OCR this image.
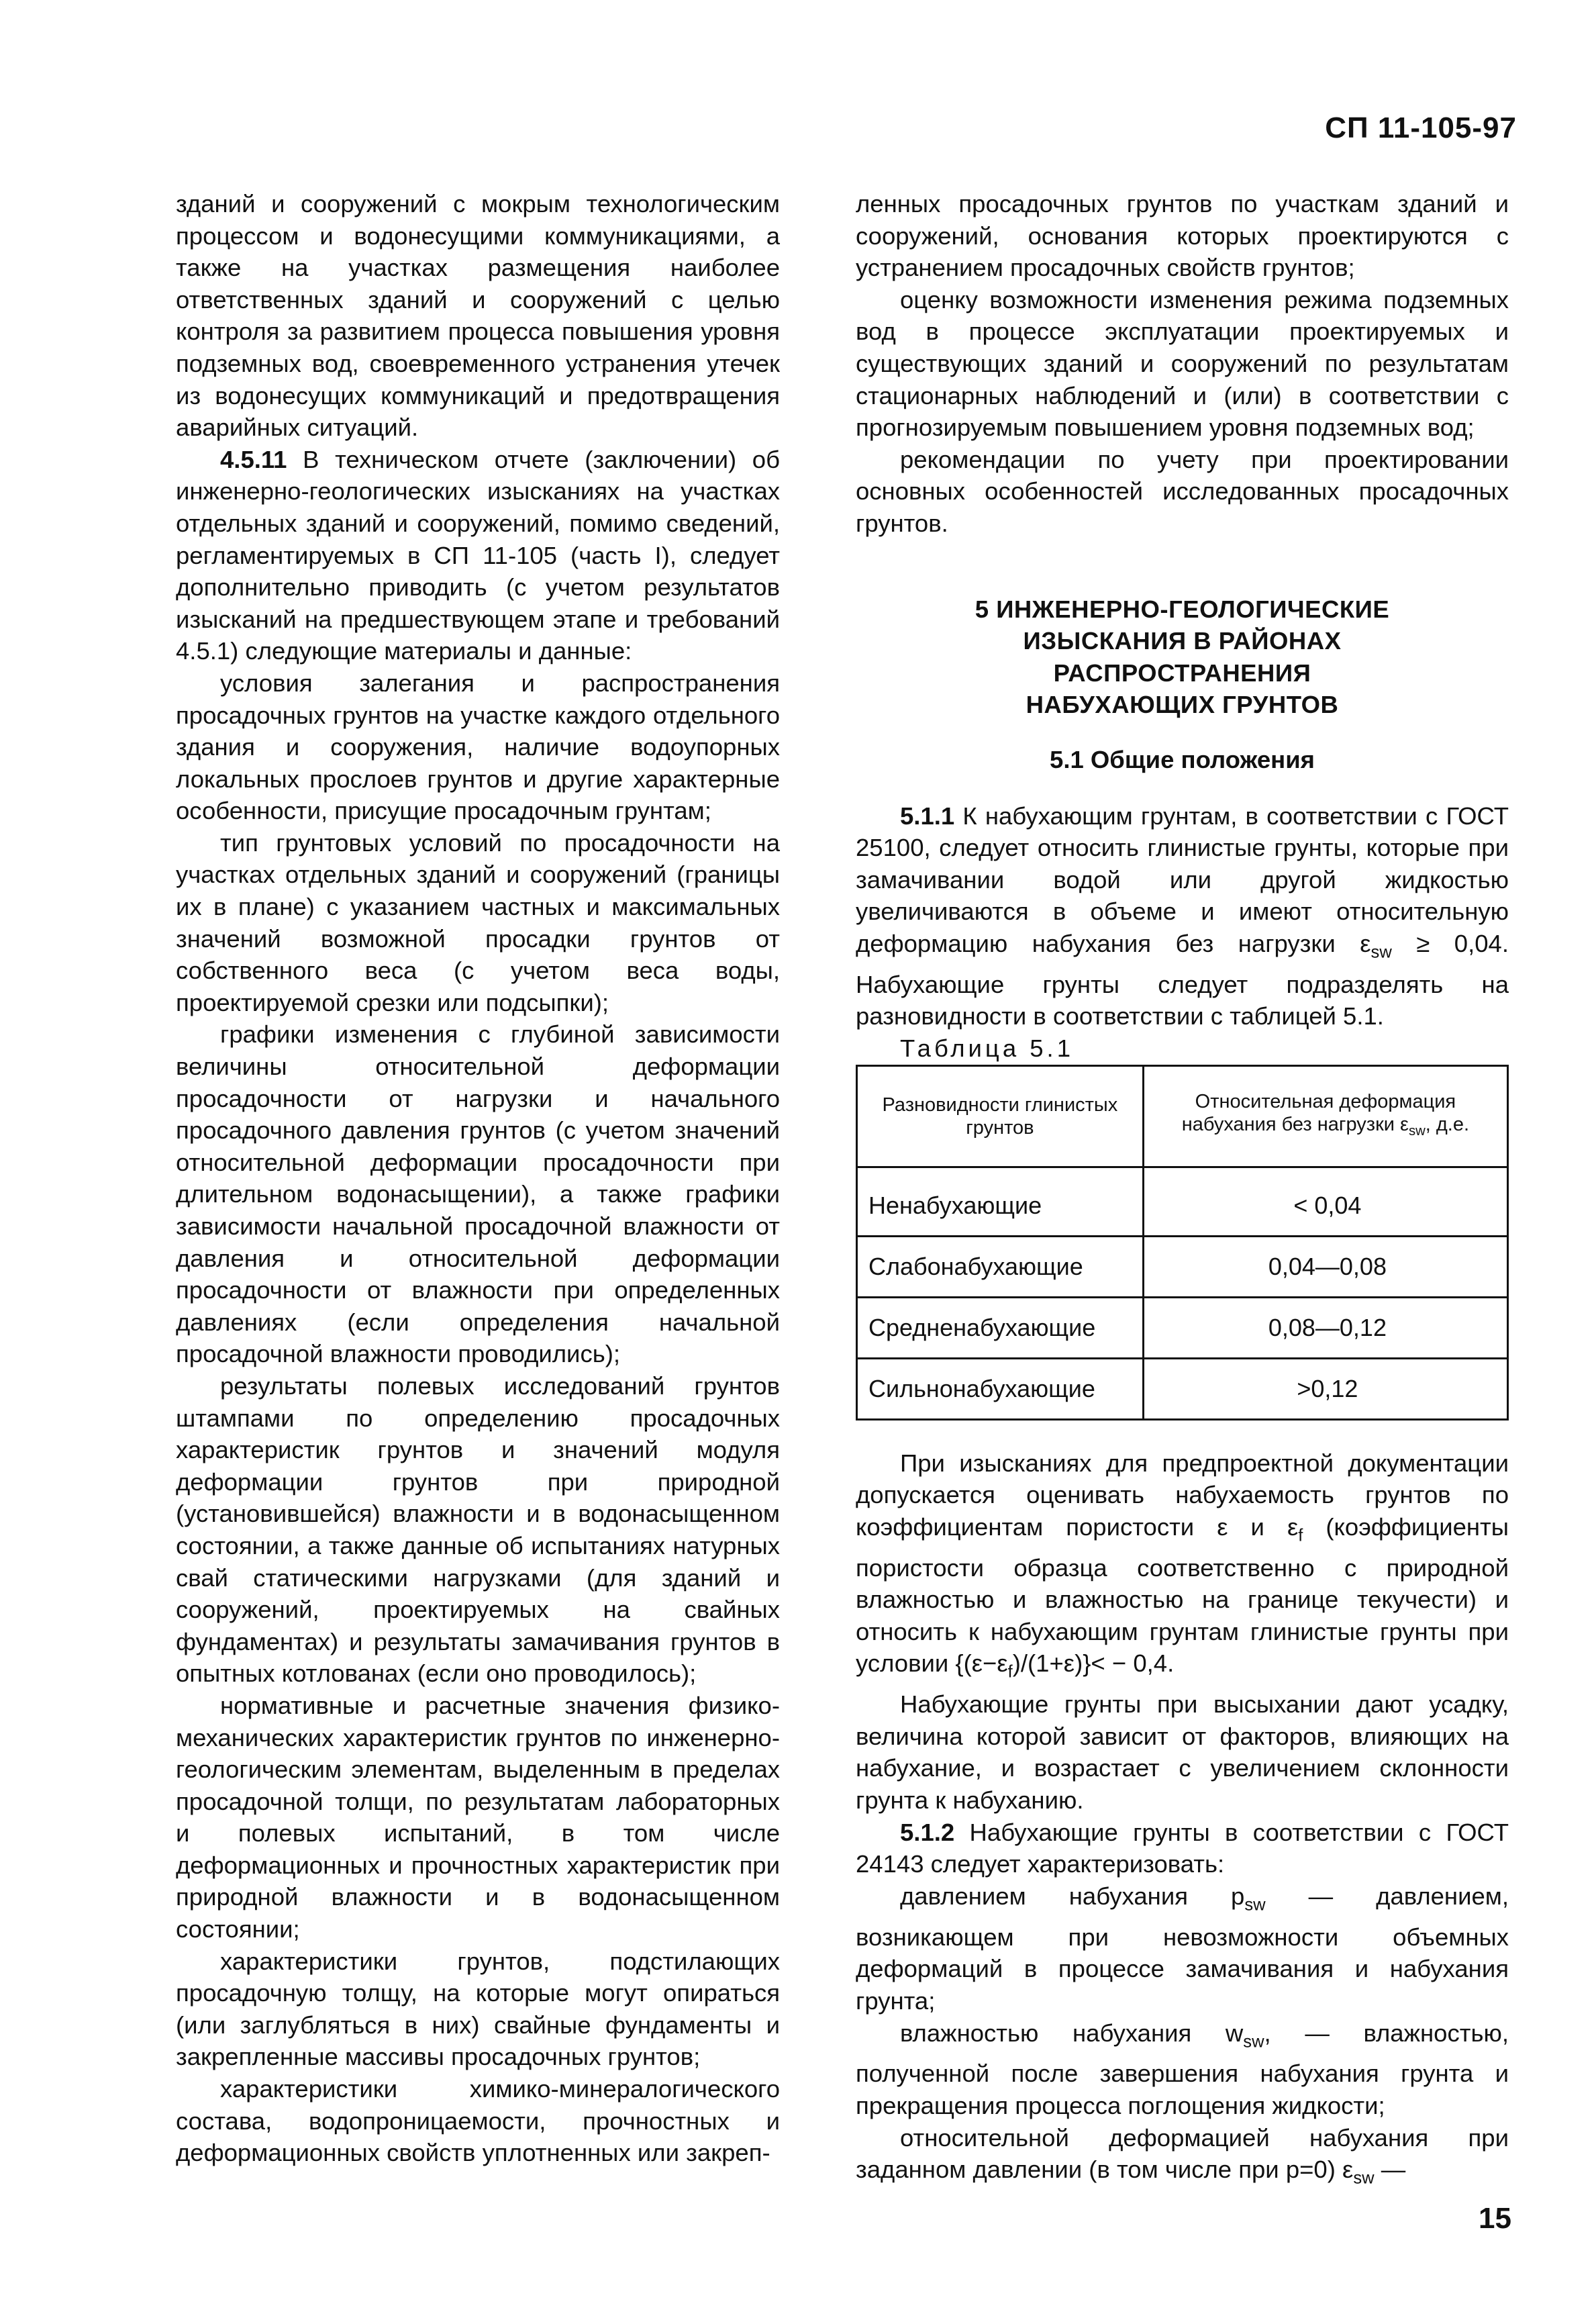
СП 11-105-97

зданий и сооружений с мокрым технологическим процессом и водонесущими коммуникациями, а также на участках размещения наиболее ответственных зданий и сооружений с целью контроля за развитием процесса повышения уровня подземных вод, своевременного устранения утечек из водонесущих коммуникаций и предотвращения аварийных ситуаций.

4.5.11 В техническом отчете (заключении) об инженерно-геологических изысканиях на участках отдельных зданий и сооружений, помимо сведений, регламентируемых в СП 11-105 (часть I), следует дополнительно приводить (с учетом результатов изысканий на предшествующем этапе и требований 4.5.1) следующие материалы и данные:

условия залегания и распространения просадочных грунтов на участке каждого отдельного здания и сооружения, наличие водоупорных локальных прослоев грунтов и другие характерные особенности, присущие просадочным грунтам;

тип грунтовых условий по просадочности на участках отдельных зданий и сооружений (границы их в плане) с указанием частных и максимальных значений возможной просадки грунтов от собственного веса (с учетом веса воды, проектируемой срезки или подсыпки);

графики изменения с глубиной зависимости величины относительной деформации просадочности от нагрузки и начального просадочного давления грунтов (с учетом значений относительной деформации просадочности при длительном водонасыщении), а также графики зависимости начальной просадочной влажности от давления и относительной деформации просадочности от влажности при определенных давлениях (если определения начальной просадочной влажности проводились);

результаты полевых исследований грунтов штампами по определению просадочных характеристик грунтов и значений модуля деформации грунтов при природной (установившейся) влажности и в водонасыщенном состоянии, а также данные об испытаниях натурных свай статическими нагрузками (для зданий и сооружений, проектируемых на свайных фундаментах) и результаты замачивания грунтов в опытных котлованах (если оно проводилось);

нормативные и расчетные значения физико-механических характеристик грунтов по инженерно-геологическим элементам, выделенным в пределах просадочной толщи, по результатам лабораторных и полевых испытаний, в том числе деформационных и прочностных характеристик при природной влажности и в водонасыщенном состоянии;

характеристики грунтов, подстилающих просадочную толщу, на которые могут опираться (или заглубляться в них) свайные фундаменты и закрепленные массивы просадочных грунтов;

характеристики химико-минералогического состава, водопроницаемости, прочностных и деформационных свойств уплотненных или закреп-

ленных просадочных грунтов по участкам зданий и сооружений, основания которых проектируются с устранением просадочных свойств грунтов;

оценку возможности изменения режима подземных вод в процессе эксплуатации проектируемых и существующих зданий и сооружений по результатам стационарных наблюдений и (или) в соответствии с прогнозируемым повышением уровня подземных вод;

рекомендации по учету при проектировании основных особенностей исследованных просадочных грунтов.

5 ИНЖЕНЕРНО-ГЕОЛОГИЧЕСКИЕ
ИЗЫСКАНИЯ В РАЙОНАХ
РАСПРОСТРАНЕНИЯ
НАБУХАЮЩИХ ГРУНТОВ
5.1 Общие положения

5.1.1 К набухающим грунтам, в соответствии с ГОСТ 25100, следует относить глинистые грунты, которые при замачивании водой или другой жидкостью увеличиваются в объеме и имеют относительную деформацию набухания без нагрузки $\varepsilon_{sw} \ge 0,04$. Набухающие грунты следует подразделять на разновидности в соответствии с таблицей 5.1.

Таблица 5.1

Разновидности глинистых грунтов	Относительная деформация набухания без нагрузки $\varepsilon_{sw}$, д.е.
Ненабухающие	< 0,04
Слабонабухающие	0,04—0,08
Средненабухающие	0,08—0,12
Сильнонабухающие	>0,12

При изысканиях для предпроектной документации допускается оценивать набухаемость грунтов по коэффициентам пористости ε и $\varepsilon_f$ (коэффициенты пористости образца соответственно с природной влажностью и влажностью на границе текучести) и относить к набухающим грунтам глинистые грунты при условии $\{(\varepsilon-\varepsilon_f)/(1+\varepsilon)\}< - 0,4$.

Набухающие грунты при высыхании дают усадку, величина которой зависит от факторов, влияющих на набухание, и возрастает с увеличением склонности грунта к набуханию.

5.1.2 Набухающие грунты в соответствии с ГОСТ 24143 следует характеризовать:

давлением набухания $p_{sw}$ — давлением, возникающем при невозможности объемных деформаций в процессе замачивания и набухания грунта;

влажностью набухания $w_{sw}$, — влажностью, полученной после завершения набухания грунта и прекращения процесса поглощения жидкости;

относительной деформацией набухания при заданном давлении (в том числе при p=0) $\varepsilon_{sw}$ —

15
